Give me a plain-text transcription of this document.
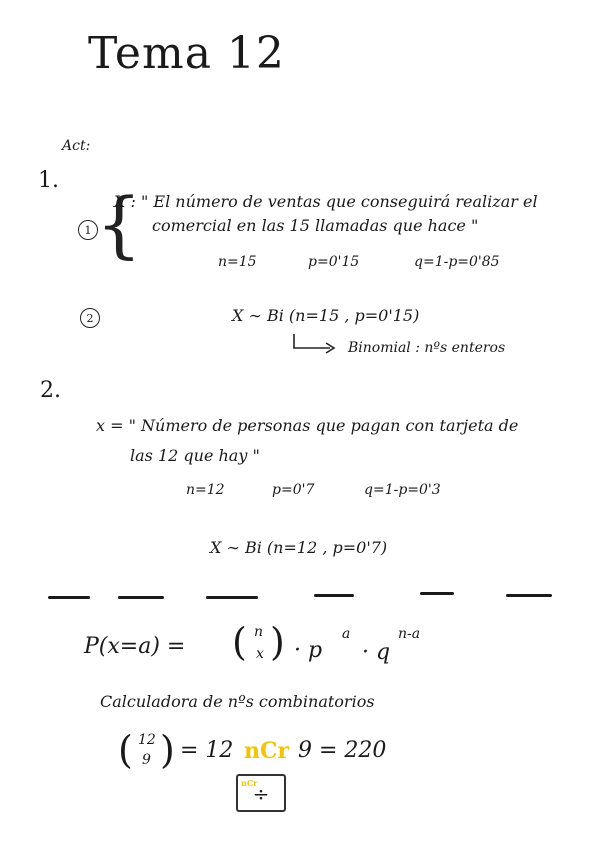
Tema 12
Act:
1.
1 {
X : " El número de ventas que conseguirá realizar el
comercial en las 15 llamadas que hace "
n=15	p=0'15	q=1-p=0'85
2	X ∼ Bi (n=15 , p=0'15)
Binomial : nºs enteros
2.
x = " Número de personas que pagan con tarjeta de
las 12 que hay "
n=12	p=0'7	q=1-p=0'3
X ∼ Bi (n=12 , p=0'7)
P(x=a) = ( n
x ) · p
a
· q
n-a
Calculadora de nºs combinatorios
( 12
9 ) = 12 nCr 9 = 220
nCr
÷
